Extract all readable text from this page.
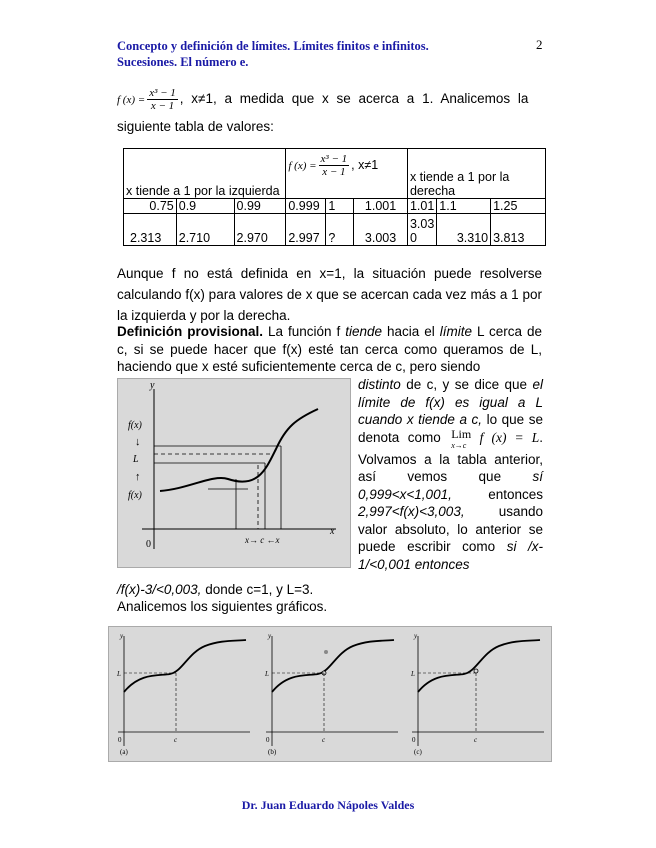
Concepto y definición de límites. Límites finitos e infinitos.
Sucesiones. El número e.
2
f $(x) = \frac{\text{x³ − 1}}{x - 1}$ , x≠1, a medida que x se acerca a 1. Analicemos la
siguiente tabla de valores:
x tiende a 1 por la izquierda			f $(x) = \frac{\text{x³ − 1}}{x - 1}$ , x≠1			x tiende a 1 por la derecha		
0.75	0.9	0.99	0.999	1	1.001	1.01	1.1	1.25
2.313	2.710	2.970	2.997	?	3.003	3.030	3.310	3.813
Aunque f no está definida en x=1, la situación puede resolverse calculando f(x) para valores de x que se acercan cada vez más a 1 por la izquierda y por la derecha.
Definición provisional. La función f tiende hacia el límite L cerca de c, si se puede hacer que f(x) esté tan cerca como queramos de L, haciendo que x esté suficientemente cerca de c, pero siendo
distinto de c, y se dice que el límite de f(x) es igual a L cuando x tiende a c, lo que se denota como Lim
x→c
f (x) = L. Volvamos a la tabla anterior, así vemos que sí 0,999<x<1,001,	entonces 2,997<f(x)<3,003,	usando valor absoluto, lo anterior se puede escribir como si /x-1/<0,001 entonces
/f(x)-3/<0,003, donde c=1, y L=3.
Analicemos los siguientes gráficos.
y
x
0
f(x)
↓
L
↑
f(x)
x→ c ←x
y
L
0	c
(a)
y
L
0	c
(b)
y
L
0	c
(c)
Dr. Juan Eduardo Nápoles Valdes
